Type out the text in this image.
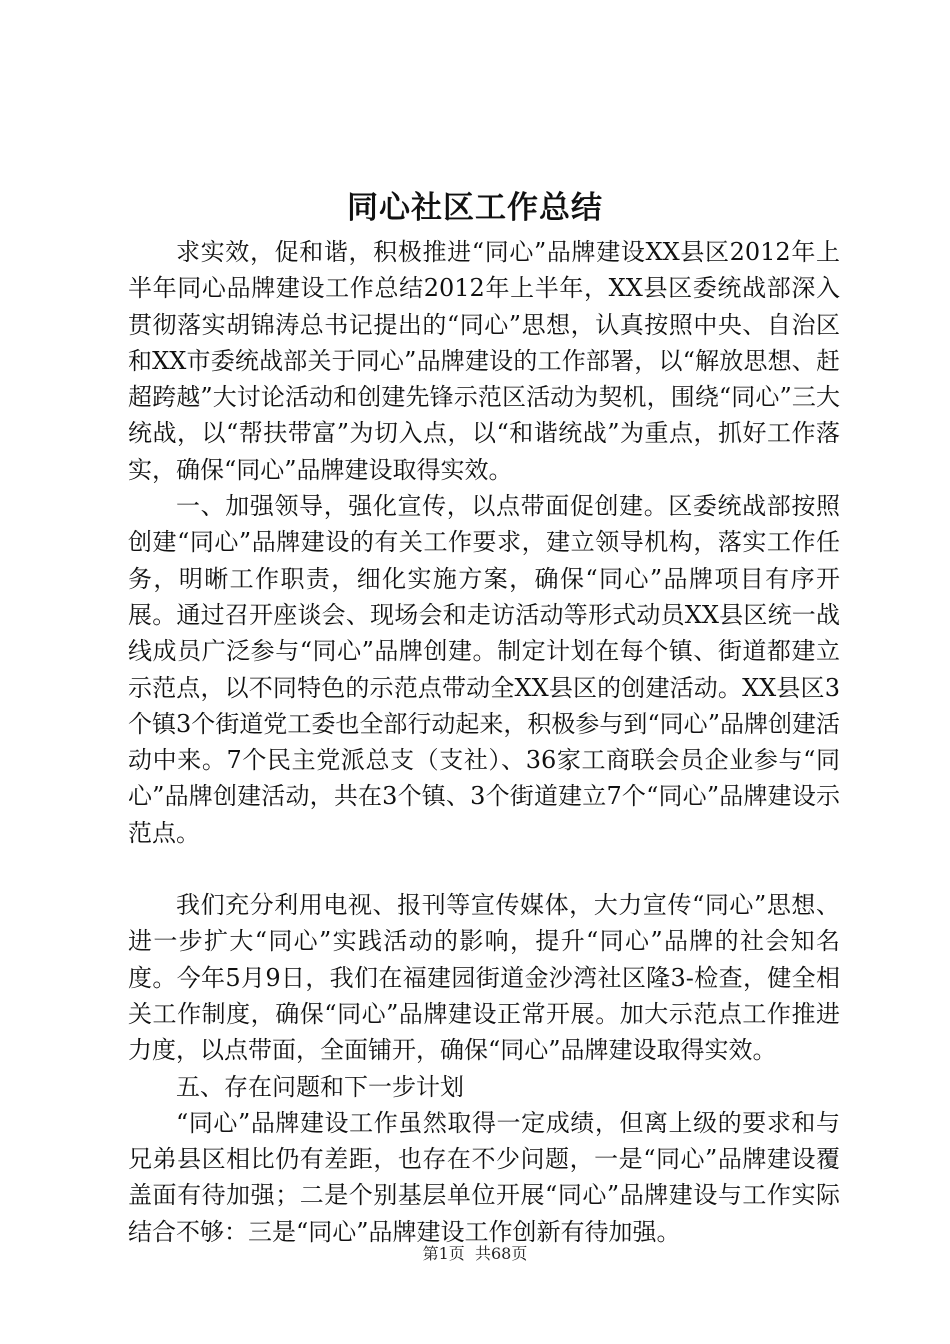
同心社区工作总结

求实效，促和谐，积极推进“同心”品牌建设XX县区2012年上半年同心品牌建设工作总结2012年上半年，XX县区委统战部深入贯彻落实胡锦涛总书记提出的“同心”思想，认真按照中央、自治区和XX市委统战部关于同心”品牌建设的工作部署，以“解放思想、赶超跨越”大讨论活动和创建先锋示范区活动为契机，围绕“同心”三大统战，以“帮扶带富”为切入点，以“和谐统战”为重点，抓好工作落实，确保“同心”品牌建设取得实效。

一、加强领导，强化宣传，以点带面促创建。区委统战部按照创建“同心”品牌建设的有关工作要求，建立领导机构，落实工作任务，明晰工作职责，细化实施方案，确保“同心”品牌项目有序开展。通过召开座谈会、现场会和走访活动等形式动员XX县区统一战线成员广泛参与“同心”品牌创建。制定计划在每个镇、街道都建立示范点，以不同特色的示范点带动全XX县区的创建活动。XX县区3个镇3个街道党工委也全部行动起来，积极参与到“同心”品牌创建活动中来。7个民主党派总支（支社）、36家工商联会员企业参与“同心”品牌创建活动，共在3个镇、3个街道建立7个“同心”品牌建设示范点。

我们充分利用电视、报刊等宣传媒体，大力宣传“同心”思想、进一步扩大“同心”实践活动的影响，提升“同心”品牌的社会知名度。今年5月9日，我们在福建园街道金沙湾社区隆3-检查，健全相关工作制度，确保“同心”品牌建设正常开展。加大示范点工作推进力度，以点带面，全面铺开，确保“同心”品牌建设取得实效。

五、存在问题和下一步计划

“同心”品牌建设工作虽然取得一定成绩，但离上级的要求和与兄弟县区相比仍有差距，也存在不少问题，一是“同心”品牌建设覆盖面有待加强；二是个别基层单位开展“同心”品牌建设与工作实际结合不够：三是“同心”品牌建设工作创新有待加强。

第1页 共68页
